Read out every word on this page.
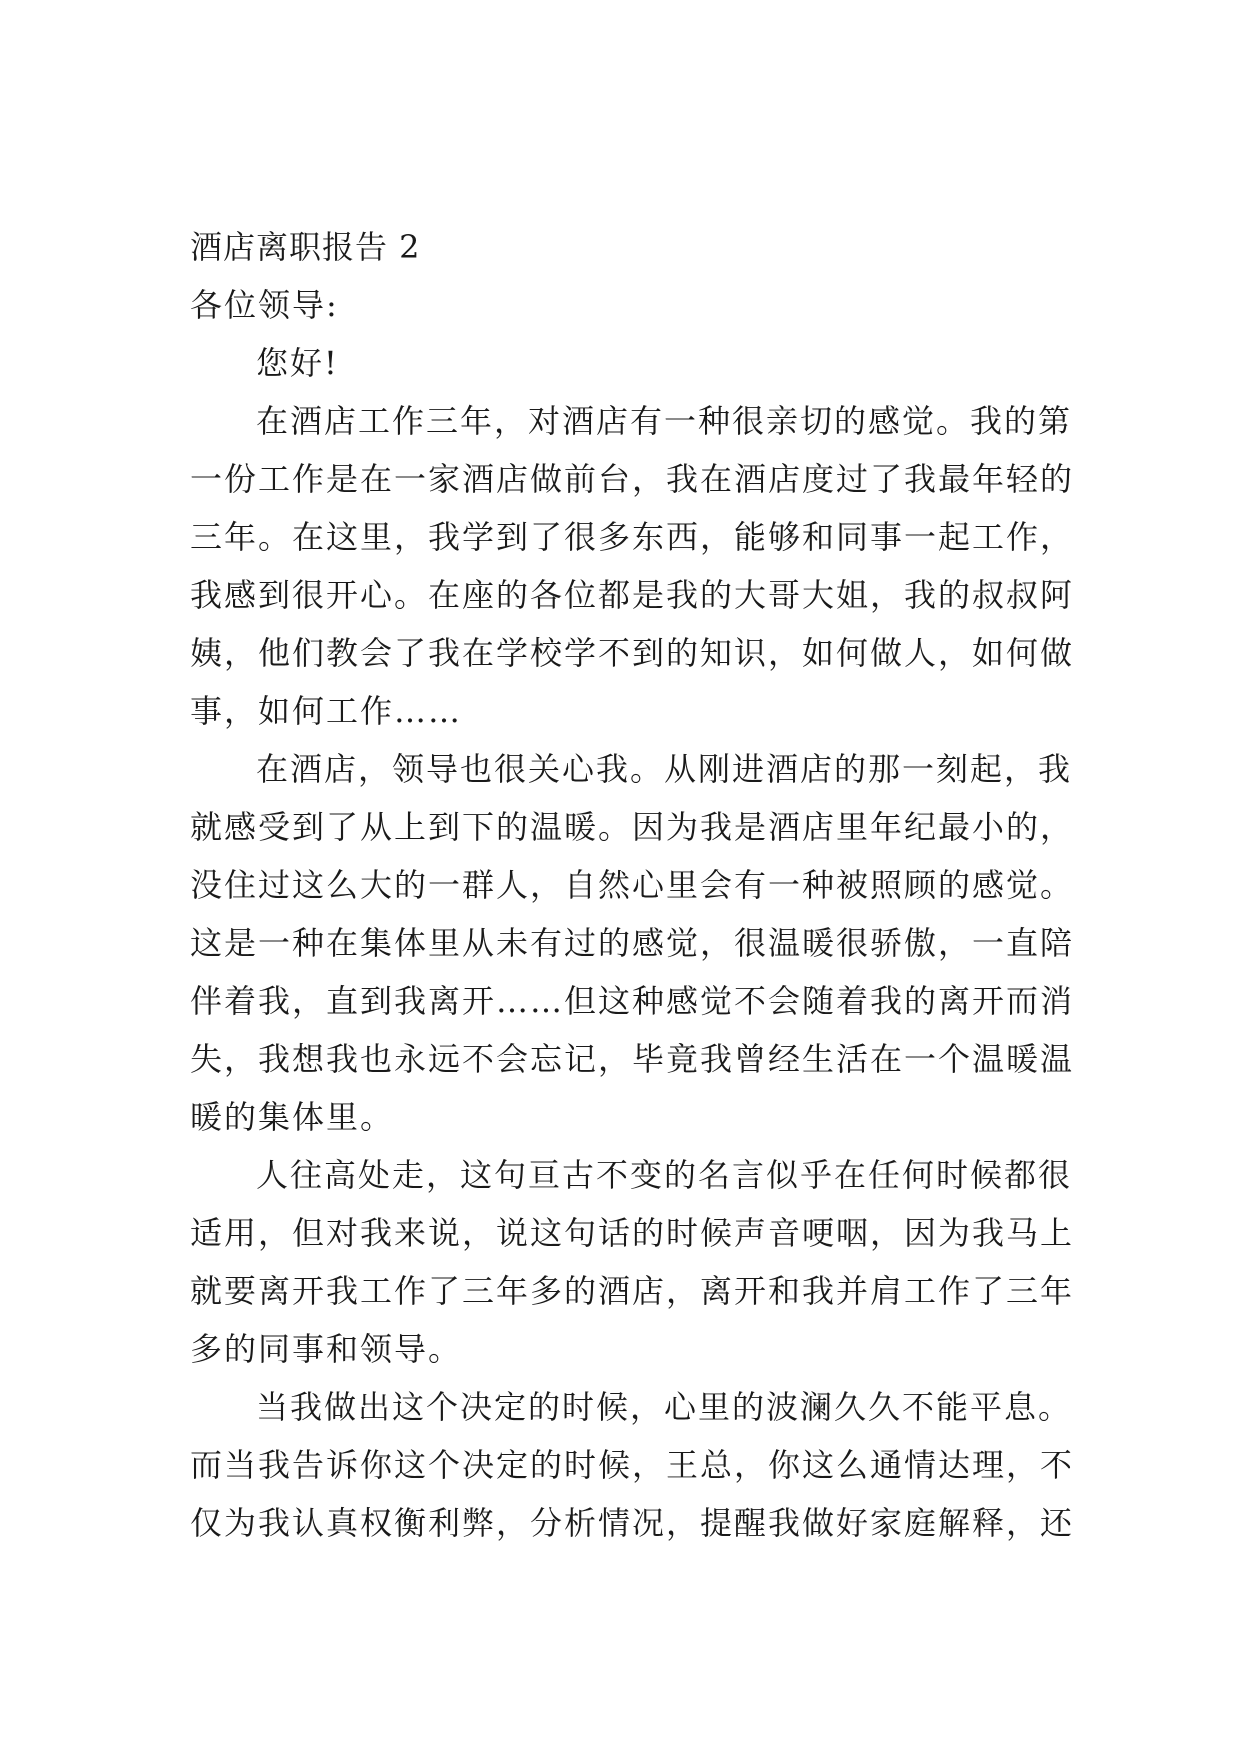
酒店离职报告 2
各位领导:
您好!
在酒店工作三年，对酒店有一种很亲切的感觉。我的第
一份工作是在一家酒店做前台，我在酒店度过了我最年轻的
三年。在这里，我学到了很多东西，能够和同事一起工作，
我感到很开心。在座的各位都是我的大哥大姐，我的叔叔阿
姨，他们教会了我在学校学不到的知识，如何做人，如何做
事，如何工作……
在酒店，领导也很关心我。从刚进酒店的那一刻起，我
就感受到了从上到下的温暖。因为我是酒店里年纪最小的，
没住过这么大的一群人，自然心里会有一种被照顾的感觉。
这是一种在集体里从未有过的感觉，很温暖很骄傲，一直陪
伴着我，直到我离开……但这种感觉不会随着我的离开而消
失，我想我也永远不会忘记，毕竟我曾经生活在一个温暖温
暖的集体里。
人往高处走，这句亘古不变的名言似乎在任何时候都很
适用，但对我来说，说这句话的时候声音哽咽，因为我马上
就要离开我工作了三年多的酒店，离开和我并肩工作了三年
多的同事和领导。
当我做出这个决定的时候，心里的波澜久久不能平息。
而当我告诉你这个决定的时候，王总，你这么通情达理，不
仅为我认真权衡利弊，分析情况，提醒我做好家庭解释，还
